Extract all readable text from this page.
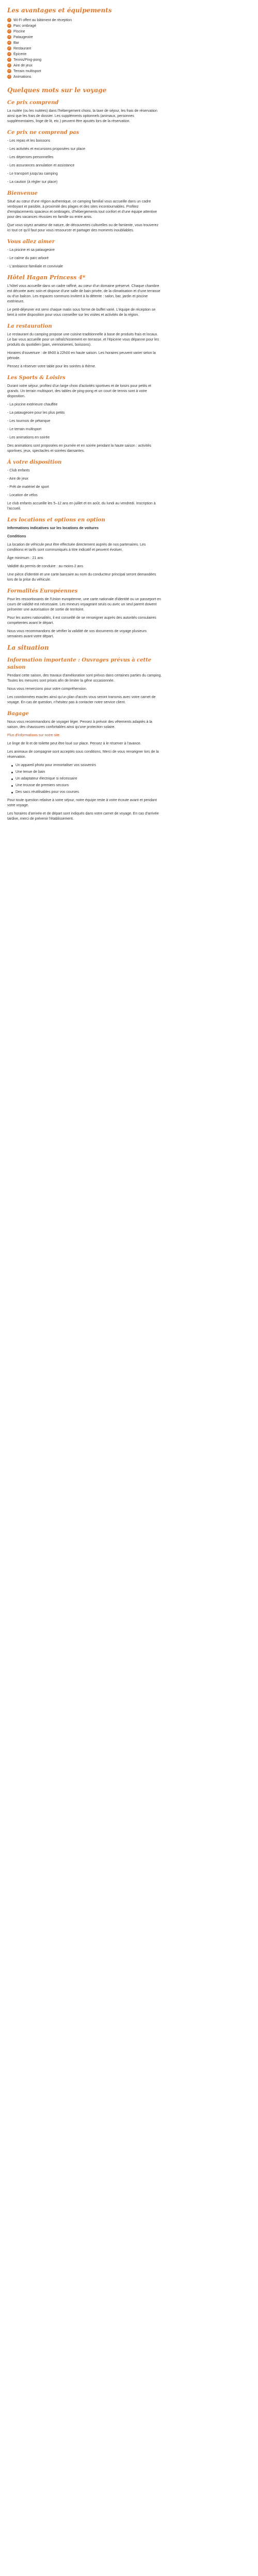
Les avantages et équipements
✓ Wi-Fi offert au bâtiment de réception
✓ Parc ombragé
✓ Piscine
✓ Pataugeoire
✓ Bar
✓ Restaurant
✓ Épicerie
✓ Tennis/Ping-pong
✓ Aire de jeux
✓ Terrain multisport
✓ Animations
Quelques mots sur le voyage
Ce prix comprend

La nuitée (ou les nuitées) dans l'hébergement choisi, la taxe de séjour, les frais de réservation ainsi que les frais de dossier. Les suppléments optionnels (animaux, personnes supplémentaires, linge de lit, etc.) peuvent être ajoutés lors de la réservation.

Ce prix ne comprend pas

- Les repas et les boissons

- Les activités et excursions proposées sur place

- Les dépenses personnelles

- Les assurances annulation et assistance

- Le transport jusqu'au camping

- La caution (à régler sur place)

Bienvenue

Situé au cœur d'une région authentique, ce camping familial vous accueille dans un cadre verdoyant et paisible, à proximité des plages et des sites incontournables. Profitez d'emplacements spacieux et ombragés, d'hébergements tout confort et d'une équipe attentive pour des vacances réussies en famille ou entre amis.

Que vous soyez amateur de nature, de découvertes culturelles ou de farniente, vous trouverez ici tout ce qu'il faut pour vous ressourcer et partager des moments inoubliables.

Vous allez aimer

- La piscine et sa pataugeoire

- Le calme du parc arboré

- L'ambiance familiale et conviviale

Hôtel Hagan Princess 4*

L'hôtel vous accueille dans un cadre raffiné, au cœur d'un domaine préservé. Chaque chambre est décorée avec soin et dispose d'une salle de bain privée, de la climatisation et d'une terrasse ou d'un balcon. Les espaces communs invitent à la détente : salon, bar, jardin et piscine extérieure.

Le petit-déjeuner est servi chaque matin sous forme de buffet varié. L'équipe de réception se tient à votre disposition pour vous conseiller sur les visites et activités de la région.

La restauration

Le restaurant du camping propose une cuisine traditionnelle à base de produits frais et locaux. Le bar vous accueille pour un rafraîchissement en terrasse, et l'épicerie vous dépanne pour les produits du quotidien (pain, viennoiseries, boissons).

Horaires d'ouverture : de 8h00 à 22h00 en haute saison. Les horaires peuvent varier selon la période.

Pensez à réserver votre table pour les soirées à thème.

Les Sports & Loisirs

Durant votre séjour, profitez d'un large choix d'activités sportives et de loisirs pour petits et grands. Un terrain multisport, des tables de ping-pong et un court de tennis sont à votre disposition.

- La piscine extérieure chauffée

- La pataugeoire pour les plus petits

- Les tournois de pétanque

- Le terrain multisport

- Les animations en soirée

Des animations sont proposées en journée et en soirée pendant la haute saison : activités sportives, jeux, spectacles et soirées dansantes.

À votre disposition

- Club enfants

- Aire de jeux

- Prêt de matériel de sport

- Location de vélos

Le club enfants accueille les 5–12 ans en juillet et en août, du lundi au vendredi. Inscription à l'accueil.

Les locations et options en option

Informations indicatives sur les locations de voitures

Conditions

La location de véhicule peut être effectuée directement auprès de nos partenaires. Les conditions et tarifs sont communiqués à titre indicatif et peuvent évoluer.

Âge minimum : 21 ans

Validité du permis de conduire : au moins 2 ans

Une pièce d'identité et une carte bancaire au nom du conducteur principal seront demandées lors de la prise du véhicule.

Formalités Européennes

Pour les ressortissants de l'Union européenne, une carte nationale d'identité ou un passeport en cours de validité est nécessaire. Les mineurs voyageant seuls ou avec un seul parent doivent présenter une autorisation de sortie de territoire.

Pour les autres nationalités, il est conseillé de se renseigner auprès des autorités consulaires compétentes avant le départ.

Nous vous recommandons de vérifier la validité de vos documents de voyage plusieurs semaines avant votre départ.

La situation
Information importante : Ouvrages prévus à cette saison

Pendant cette saison, des travaux d'amélioration sont prévus dans certaines parties du camping. Toutes les mesures sont prises afin de limiter la gêne occasionnée.

Nous vous remercions pour votre compréhension.

Les coordonnées exactes ainsi qu'un plan d'accès vous seront transmis avec votre carnet de voyage. En cas de question, n'hésitez pas à contacter notre service client.

Bagage

Nous vous recommandons de voyager léger. Pensez à prévoir des vêtements adaptés à la saison, des chaussures confortables ainsi qu'une protection solaire.

Plus d'informations sur notre site

Le linge de lit et de toilette peut être loué sur place. Pensez à le réserver à l'avance.

Les animaux de compagnie sont acceptés sous conditions. Merci de vous renseigner lors de la réservation.

Un appareil photo pour immortaliser vos souvenirs
Une tenue de bain
Un adaptateur électrique si nécessaire
Une trousse de premiers secours
Des sacs réutilisables pour vos courses

Pour toute question relative à votre séjour, notre équipe reste à votre écoute avant et pendant votre voyage.

Les horaires d'arrivée et de départ sont indiqués dans votre carnet de voyage. En cas d'arrivée tardive, merci de prévenir l'établissement.
